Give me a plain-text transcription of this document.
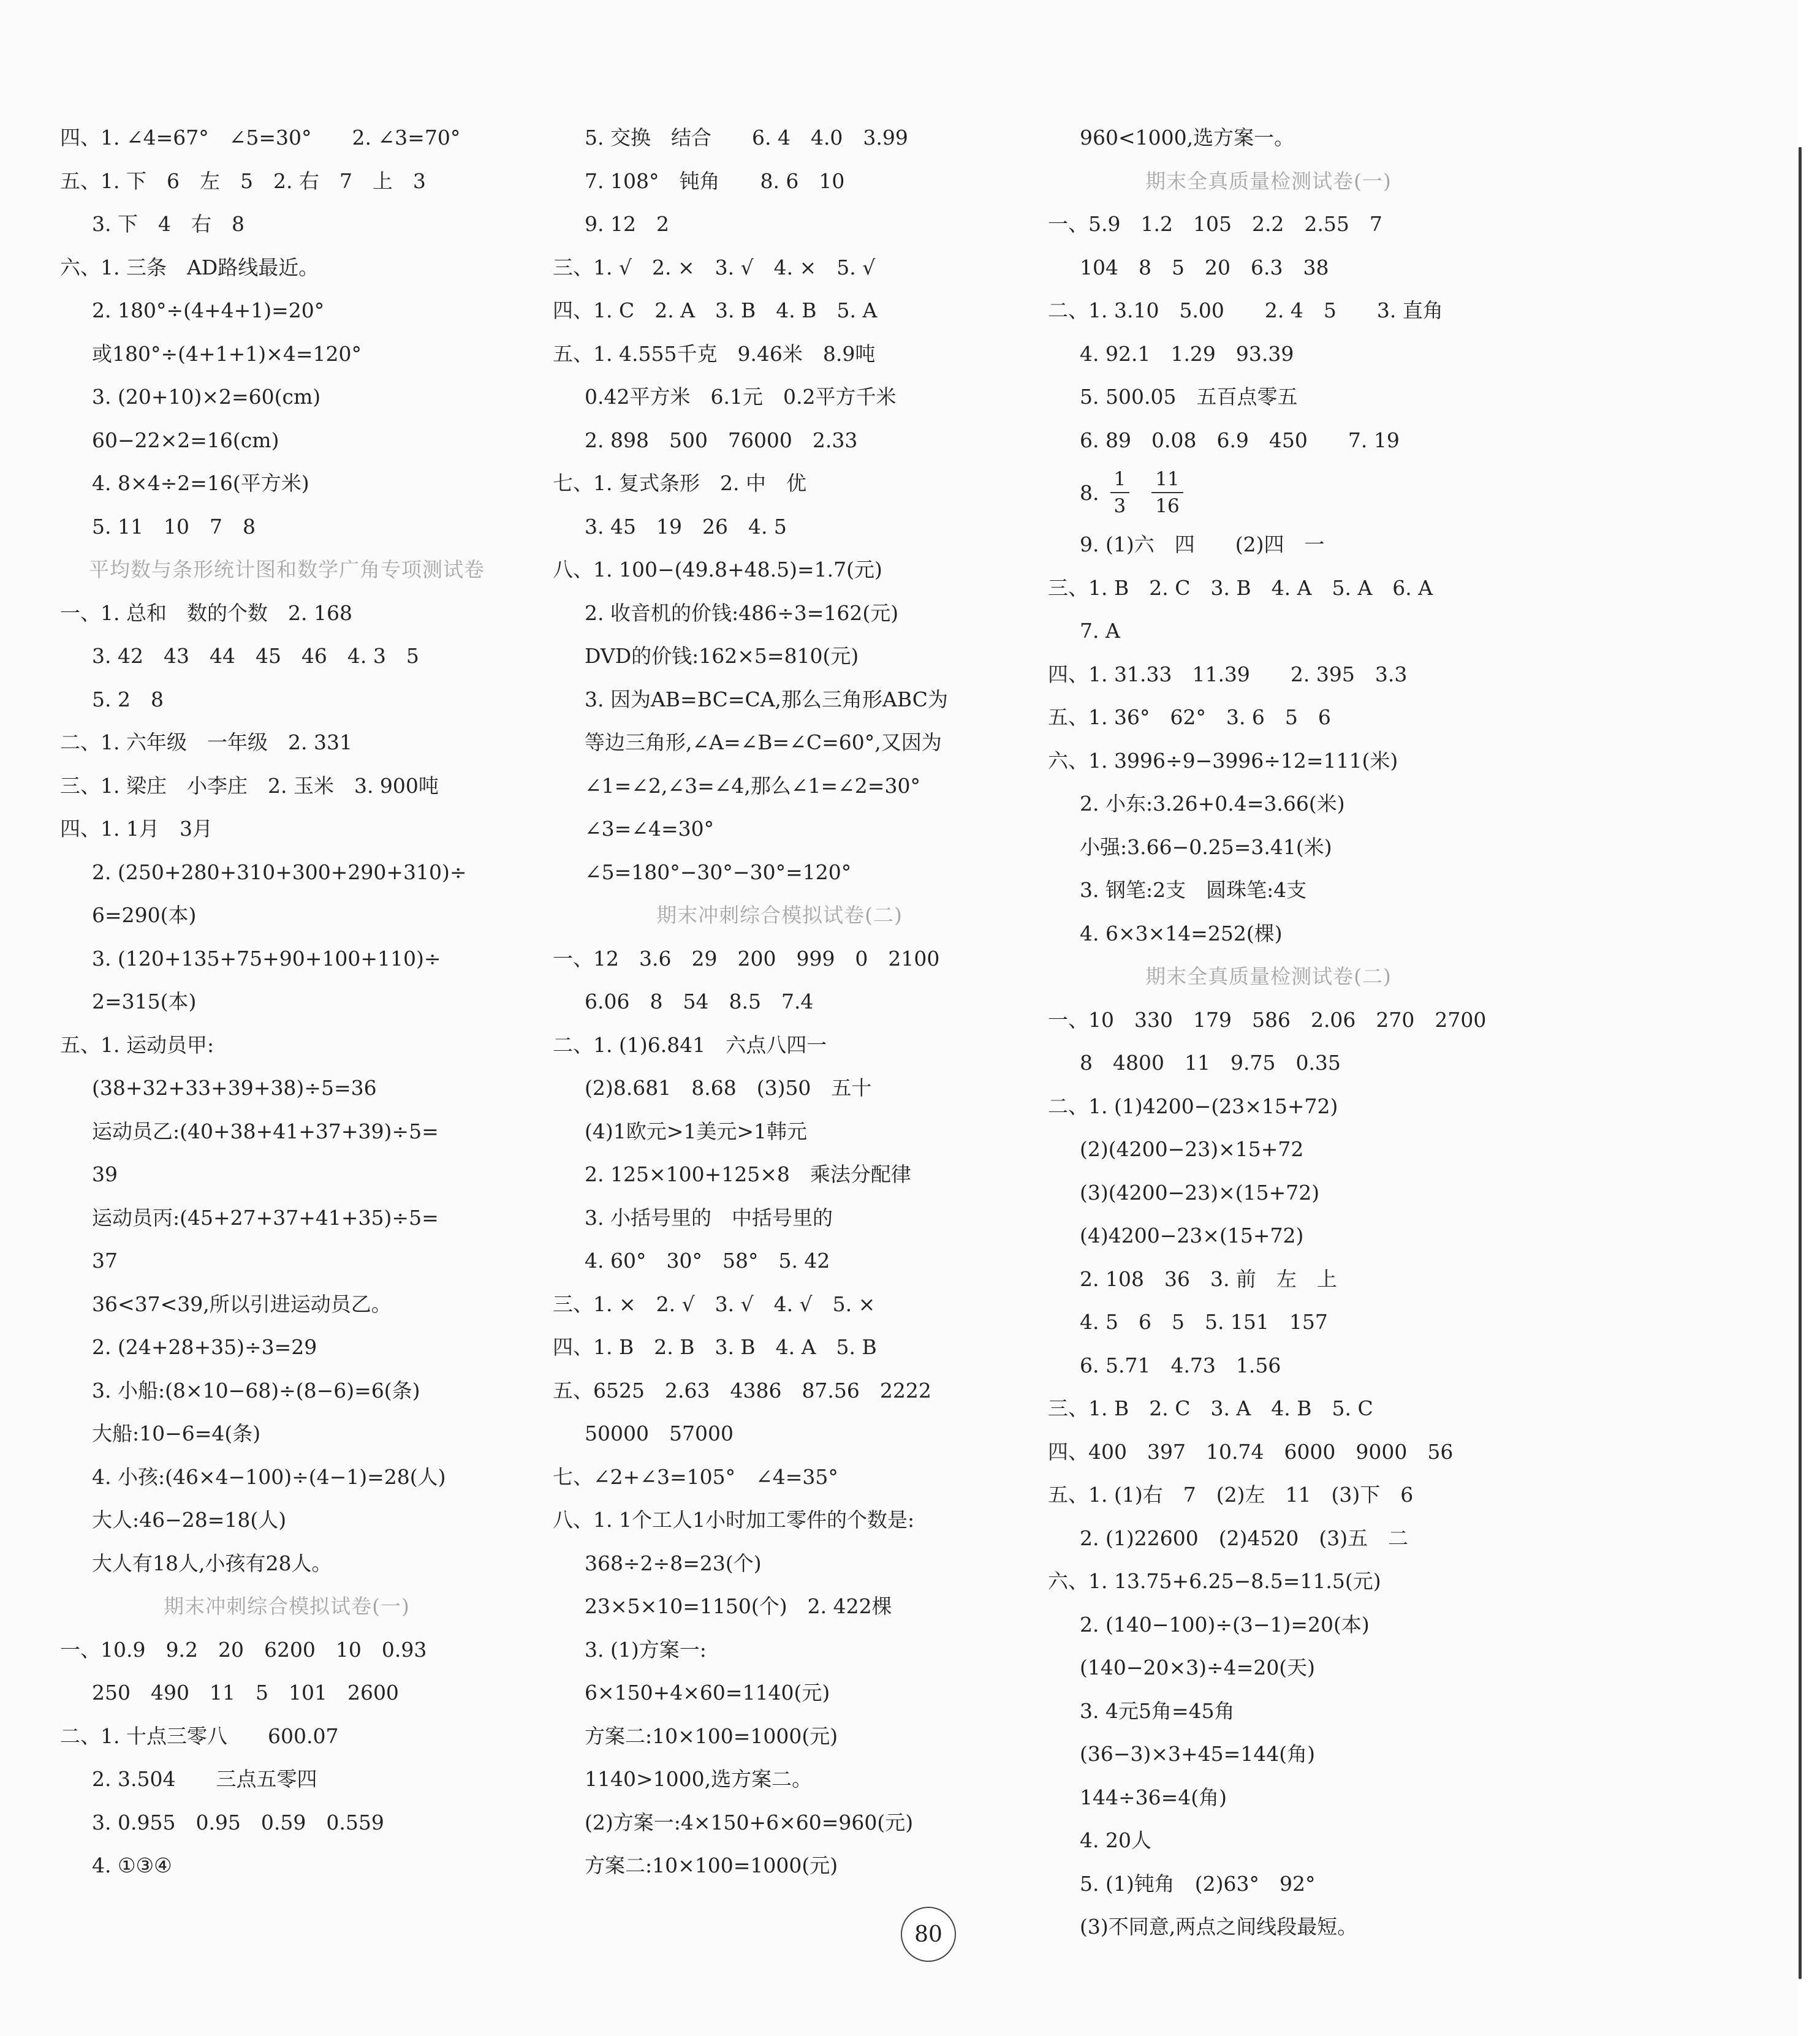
四、1. ∠4=67°　∠5=30°　　2. ∠3=70°
五、1. 下　6　左　5　2. 右　7　上　3
3. 下　4　右　8
六、1. 三条　AD路线最近。
2. 180°÷(4+4+1)=20°
或180°÷(4+1+1)×4=120°
3. (20+10)×2=60(cm)
60−22×2=16(cm)
4. 8×4÷2=16(平方米)
5. 11　10　7　8
平均数与条形统计图和数学广角专项测试卷
一、1. 总和　数的个数　2. 168
3. 42　43　44　45　46　4. 3　5
5. 2　8
二、1. 六年级　一年级　2. 331
三、1. 梁庄　小李庄　2. 玉米　3. 900吨
四、1. 1月　3月
2. (250+280+310+300+290+310)÷
6=290(本)
3. (120+135+75+90+100+110)÷
2=315(本)
五、1. 运动员甲:
(38+32+33+39+38)÷5=36
运动员乙:(40+38+41+37+39)÷5=
39
运动员丙:(45+27+37+41+35)÷5=
37
36<37<39,所以引进运动员乙。
2. (24+28+35)÷3=29
3. 小船:(8×10−68)÷(8−6)=6(条)
大船:10−6=4(条)
4. 小孩:(46×4−100)÷(4−1)=28(人)
大人:46−28=18(人)
大人有18人,小孩有28人。
期末冲刺综合模拟试卷(一)
一、10.9　9.2　20　6200　10　0.93
250　490　11　5　101　2600
二、1. 十点三零八　　600.07
2. 3.504　　三点五零四
3. 0.955　0.95　0.59　0.559
4. ①③④
5. 交换　结合　　6. 4　4.0　3.99
7. 108°　钝角　　8. 6　10
9. 12　2
三、1. √　2. ×　3. √　4. ×　5. √
四、1. C　2. A　3. B　4. B　5. A
五、1. 4.555千克　9.46米　8.9吨
0.42平方米　6.1元　0.2平方千米
2. 898　500　76000　2.33
七、1. 复式条形　2. 中　优
3. 45　19　26　4. 5
八、1. 100−(49.8+48.5)=1.7(元)
2. 收音机的价钱:486÷3=162(元)
DVD的价钱:162×5=810(元)
3. 因为AB=BC=CA,那么三角形ABC为
等边三角形,∠A=∠B=∠C=60°,又因为
∠1=∠2,∠3=∠4,那么∠1=∠2=30°
∠3=∠4=30°
∠5=180°−30°−30°=120°
期末冲刺综合模拟试卷(二)
一、12　3.6　29　200　999　0　2100
6.06　8　54　8.5　7.4
二、1. (1)6.841　六点八四一
(2)8.681　8.68　(3)50　五十
(4)1欧元>1美元>1韩元
2. 125×100+125×8　乘法分配律
3. 小括号里的　中括号里的
4. 60°　30°　58°　5. 42
三、1. ×　2. √　3. √　4. √　5. ×
四、1. B　2. B　3. B　4. A　5. B
五、6525　2.63　4386　87.56　2222
50000　57000
七、∠2+∠3=105°　∠4=35°
八、1. 1个工人1小时加工零件的个数是:
368÷2÷8=23(个)
23×5×10=1150(个)　2. 422棵
3. (1)方案一:
6×150+4×60=1140(元)
方案二:10×100=1000(元)
1140>1000,选方案二。
(2)方案一:4×150+6×60=960(元)
方案二:10×100=1000(元)
960<1000,选方案一。
期末全真质量检测试卷(一)
一、5.9　1.2　105　2.2　2.55　7
104　8　5　20　6.3　38
二、1. 3.10　5.00　　2. 4　5　　3. 直角
4. 92.1　1.29　93.39
5. 500.05　五百点零五
6. 89　0.08　6.9　450　　7. 19
8. $\frac{1}{3} \frac{11}{16}$
9. (1)六　四　　(2)四　一
三、1. B　2. C　3. B　4. A　5. A　6. A
7. A
四、1. 31.33　11.39　　2. 395　3.3
五、1. 36°　62°　3. 6　5　6
六、1. 3996÷9−3996÷12=111(米)
2. 小东:3.26+0.4=3.66(米)
小强:3.66−0.25=3.41(米)
3. 钢笔:2支　圆珠笔:4支
4. 6×3×14=252(棵)
期末全真质量检测试卷(二)
一、10　330　179　586　2.06　270　2700
8　4800　11　9.75　0.35
二、1. (1)4200−(23×15+72)
(2)(4200−23)×15+72
(3)(4200−23)×(15+72)
(4)4200−23×(15+72)
2. 108　36　3. 前　左　上
4. 5　6　5　5. 151　157
6. 5.71　4.73　1.56
三、1. B　2. C　3. A　4. B　5. C
四、400　397　10.74　6000　9000　56
五、1. (1)右　7　(2)左　11　(3)下　6
2. (1)22600　(2)4520　(3)五　二
六、1. 13.75+6.25−8.5=11.5(元)
2. (140−100)÷(3−1)=20(本)
(140−20×3)÷4=20(天)
3. 4元5角=45角
(36−3)×3+45=144(角)
144÷36=4(角)
4. 20人
5. (1)钝角　(2)63°　92°
(3)不同意,两点之间线段最短。
80
